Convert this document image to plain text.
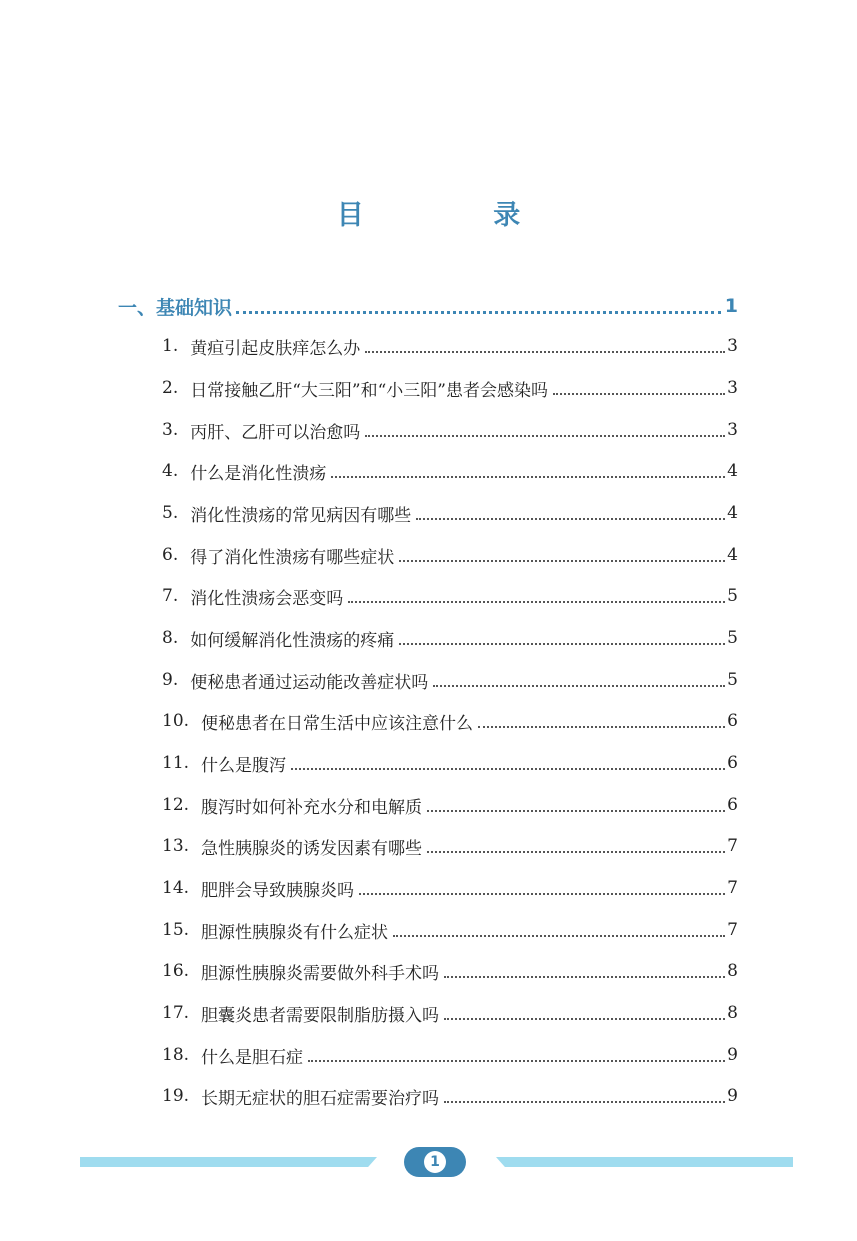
目 录
一、基础知识	1
1. 黄疸引起皮肤痒怎么办	3
2. 日常接触乙肝“大三阳”和“小三阳”患者会感染吗	3
3. 丙肝、乙肝可以治愈吗	3
4. 什么是消化性溃疡	4
5. 消化性溃疡的常见病因有哪些	4
6. 得了消化性溃疡有哪些症状	4
7. 消化性溃疡会恶变吗	5
8. 如何缓解消化性溃疡的疼痛	5
9. 便秘患者通过运动能改善症状吗	5
10. 便秘患者在日常生活中应该注意什么	6
11. 什么是腹泻	6
12. 腹泻时如何补充水分和电解质	6
13. 急性胰腺炎的诱发因素有哪些	7
14. 肥胖会导致胰腺炎吗	7
15. 胆源性胰腺炎有什么症状	7
16. 胆源性胰腺炎需要做外科手术吗	8
17. 胆囊炎患者需要限制脂肪摄入吗	8
18. 什么是胆石症	9
19. 长期无症状的胆石症需要治疗吗	9
1
